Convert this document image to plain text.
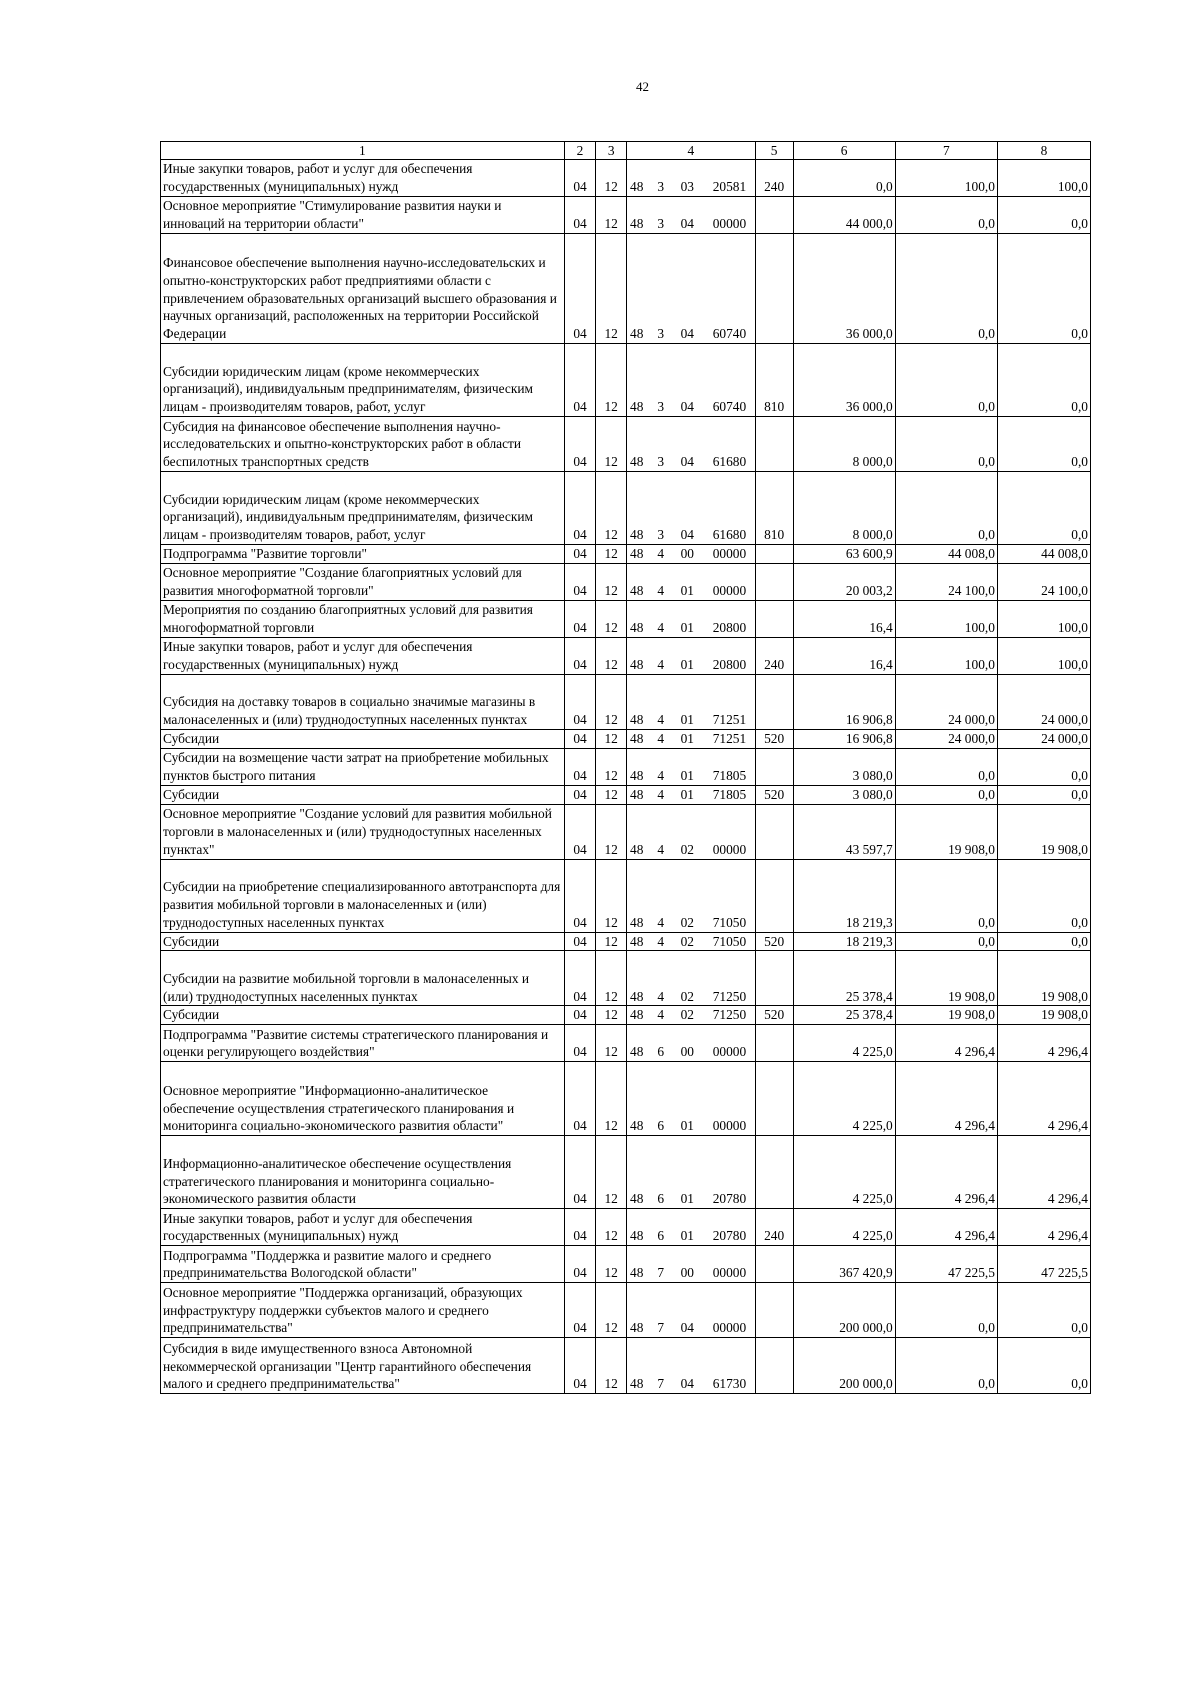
42
1	2	3	4				5	6	7	8
Иные закупки товаров, работ и услуг для обеспечения государственных (муниципальных) нужд	04	12	48	3	03	20581	240	0,0	100,0	100,0
Основное мероприятие "Стимулирование развития науки и инноваций на территории области"	04	12	48	3	04	00000		44 000,0	0,0	0,0
Финансовое обеспечение выполнения научно-исследовательских и опытно-конструкторских работ предприятиями области с привлечением образовательных организаций высшего образования и научных организаций, расположенных на территории Российской Федерации	04	12	48	3	04	60740		36 000,0	0,0	0,0
Субсидии юридическим лицам (кроме некоммерческих организаций), индивидуальным предпринимателям, физическим лицам - производителям товаров, работ, услуг	04	12	48	3	04	60740	810	36 000,0	0,0	0,0
Субсидия на финансовое обеспечение выполнения научно-исследовательских и опытно-конструкторских работ в области беспилотных транспортных средств	04	12	48	3	04	61680		8 000,0	0,0	0,0
Субсидии юридическим лицам (кроме некоммерческих организаций), индивидуальным предпринимателям, физическим лицам - производителям товаров, работ, услуг	04	12	48	3	04	61680	810	8 000,0	0,0	0,0
Подпрограмма "Развитие торговли"	04	12	48	4	00	00000		63 600,9	44 008,0	44 008,0
Основное мероприятие "Создание благоприятных условий для развития многоформатной торговли"	04	12	48	4	01	00000		20 003,2	24 100,0	24 100,0
Мероприятия по созданию благоприятных условий для развития многоформатной торговли	04	12	48	4	01	20800		16,4	100,0	100,0
Иные закупки товаров, работ и услуг для обеспечения государственных (муниципальных) нужд	04	12	48	4	01	20800	240	16,4	100,0	100,0
Субсидия на доставку товаров в социально значимые магазины в малонаселенных и (или) труднодоступных населенных пунктах	04	12	48	4	01	71251		16 906,8	24 000,0	24 000,0
Субсидии	04	12	48	4	01	71251	520	16 906,8	24 000,0	24 000,0
Субсидии на возмещение части затрат на приобретение мобильных пунктов быстрого питания	04	12	48	4	01	71805		3 080,0	0,0	0,0
Субсидии	04	12	48	4	01	71805	520	3 080,0	0,0	0,0
Основное мероприятие "Создание условий для развития мобильной торговли в малонаселенных и (или) труднодоступных населенных пунктах"	04	12	48	4	02	00000		43 597,7	19 908,0	19 908,0
Субсидии на приобретение специализированного автотранспорта для развития мобильной торговли в малонаселенных и (или) труднодоступных населенных пунктах	04	12	48	4	02	71050		18 219,3	0,0	0,0
Субсидии	04	12	48	4	02	71050	520	18 219,3	0,0	0,0
Субсидии на развитие мобильной торговли в малонаселенных и (или) труднодоступных населенных пунктах	04	12	48	4	02	71250		25 378,4	19 908,0	19 908,0
Субсидии	04	12	48	4	02	71250	520	25 378,4	19 908,0	19 908,0
Подпрограмма "Развитие системы стратегического планирования и оценки регулирующего воздействия"	04	12	48	6	00	00000		4 225,0	4 296,4	4 296,4
Основное мероприятие "Информационно-аналитическое обеспечение осуществления стратегического планирования и мониторинга социально-экономического развития области"	04	12	48	6	01	00000		4 225,0	4 296,4	4 296,4
Информационно-аналитическое обеспечение осуществления стратегического планирования и мониторинга социально-экономического развития области	04	12	48	6	01	20780		4 225,0	4 296,4	4 296,4
Иные закупки товаров, работ и услуг для обеспечения государственных (муниципальных) нужд	04	12	48	6	01	20780	240	4 225,0	4 296,4	4 296,4
Подпрограмма "Поддержка и развитие малого и среднего предпринимательства Вологодской области"	04	12	48	7	00	00000		367 420,9	47 225,5	47 225,5
Основное мероприятие "Поддержка организаций, образующих инфраструктуру поддержки субъектов малого и среднего предпринимательства"	04	12	48	7	04	00000		200 000,0	0,0	0,0
Субсидия в виде имущественного взноса Автономной некоммерческой организации "Центр гарантийного обеспечения малого и среднего предпринимательства"	04	12	48	7	04	61730		200 000,0	0,0	0,0
